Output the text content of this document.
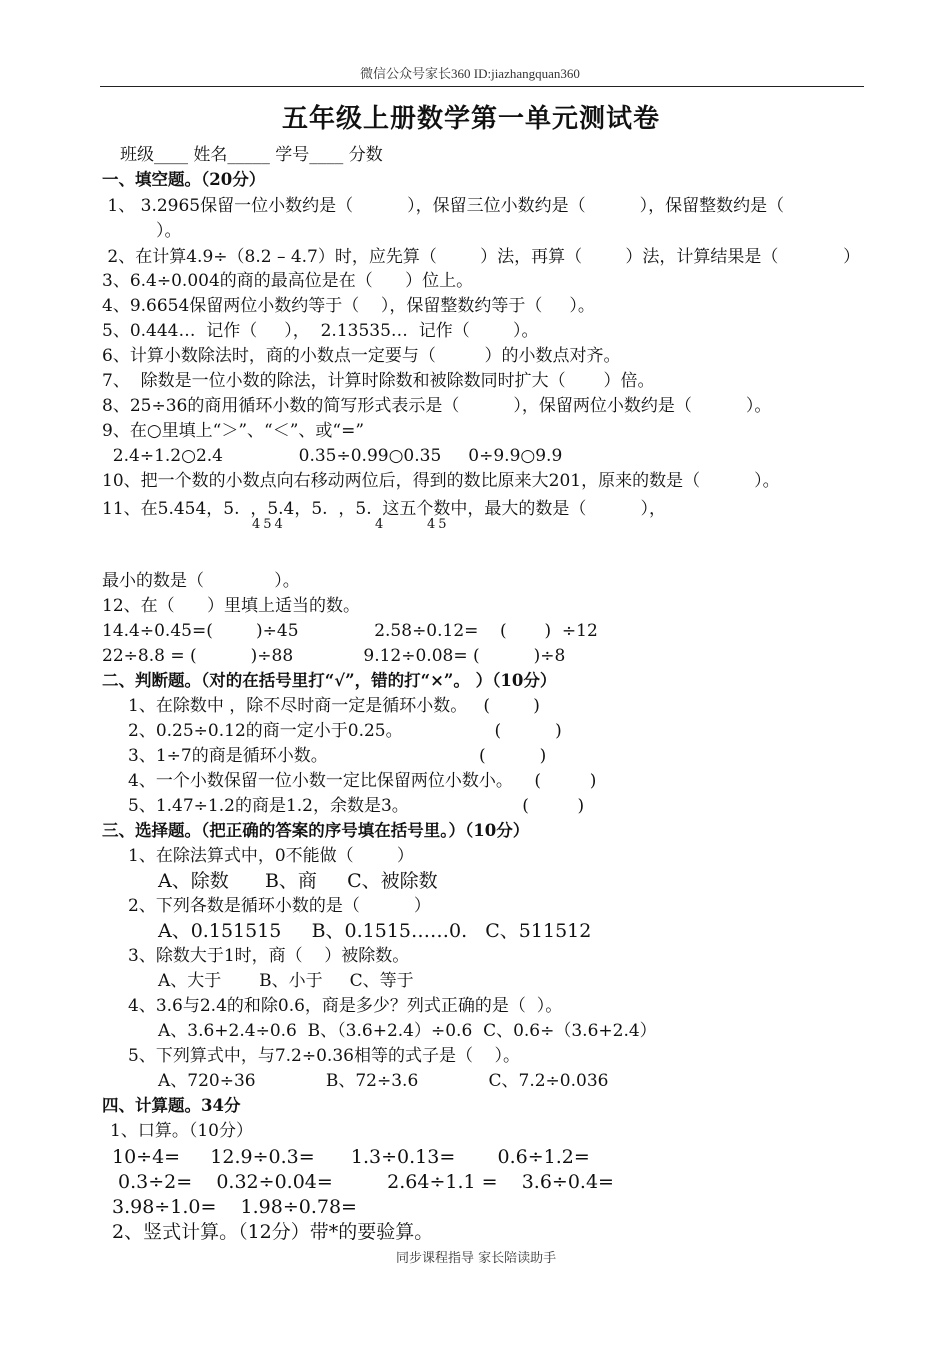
微信公众号家长360 ID:jiazhangquan360
五年级上册数学第一单元测试卷
班级____ 姓名_____ 学号____ 分数
一、填空题。（20分）
1、 3.2965保留一位小数约是（          ），保留三位小数约是（          ），保留整数约是（
）。
2、在计算4.9÷（8.2 – 4.7）时，应先算（        ）法，再算（        ）法，计算结果是（            ）
3、6.4÷0.004的商的最高位是在（      ）位上。
4、9.6654保留两位小数约等于（    ），保留整数约等于（     ）。
5、0.444…  记作（     ），  2.13535…  记作（        ）。
6、计算小数除法时，商的小数点一定要与（         ）的小数点对齐。
7、  除数是一位小数的除法，计算时除数和被除数同时扩大（       ）倍。
8、25÷36的商用循环小数的简写形式表示是（          ），保留两位小数约是（          ）。
9、在○里填上“＞”、“＜”、或“=”
2.4÷1.2○2.4              0.35÷0.99○0.35     0÷9.9○9.9
10、把一个数的小数点向右移动两位后，得到的数比原来大201，原来的数是（          ）。
11、在5.454，5.  ，5.4，5.  ，5.  这五个数中，最大的数是（          ），
454	4	45
最小的数是（             ）。
12、在（      ）里填上适当的数。
14.4÷0.45=(        )÷45              2.58÷0.12=    (       )  ÷12
22÷8.8 = (          )÷88             9.12÷0.08= (          )÷8
二、判断题。（对的在括号里打“√”，错的打“×”。 ）（10分）
1、在除数中 ，除不尽时商一定是循环小数。   (        )
2、0.25÷0.12的商一定小于0.25。                 (          )
3、1÷7的商是循环小数。                            (          )
4、一个小数保留一位小数一定比保留两位小数小。    (         )
5、1.47÷1.2的商是1.2，余数是3。                     (         )
三、选择题。（把正确的答案的序号填在括号里。）（10分）
1、在除法算式中，0不能做（        ）
A、除数      B、商     C、被除数
2、下列各数是循环小数的是（          ）
A、0.151515     B、0.1515……0.   C、511512
3、除数大于1时，商（    ）被除数。
A、大于       B、小于     C、等于
4、3.6与2.4的和除0.6，商是多少？列式正确的是（  ）。
A、3.6+2.4÷0.6  B、（3.6+2.4）÷0.6  C、0.6÷（3.6+2.4）
5、下列算式中，与7.2÷0.36相等的式子是（    ）。
A、720÷36             B、72÷3.6             C、7.2÷0.036
四、计算题。34分
1、口算。（10分）
10÷4=     12.9÷0.3=      1.3÷0.13=       0.6÷1.2=
0.3÷2=    0.32÷0.04=         2.64÷1.1 =    3.6÷0.4=
3.98÷1.0=    1.98÷0.78=
2、竖式计算。（12分）带*的要验算。
同步课程指导 家长陪读助手
